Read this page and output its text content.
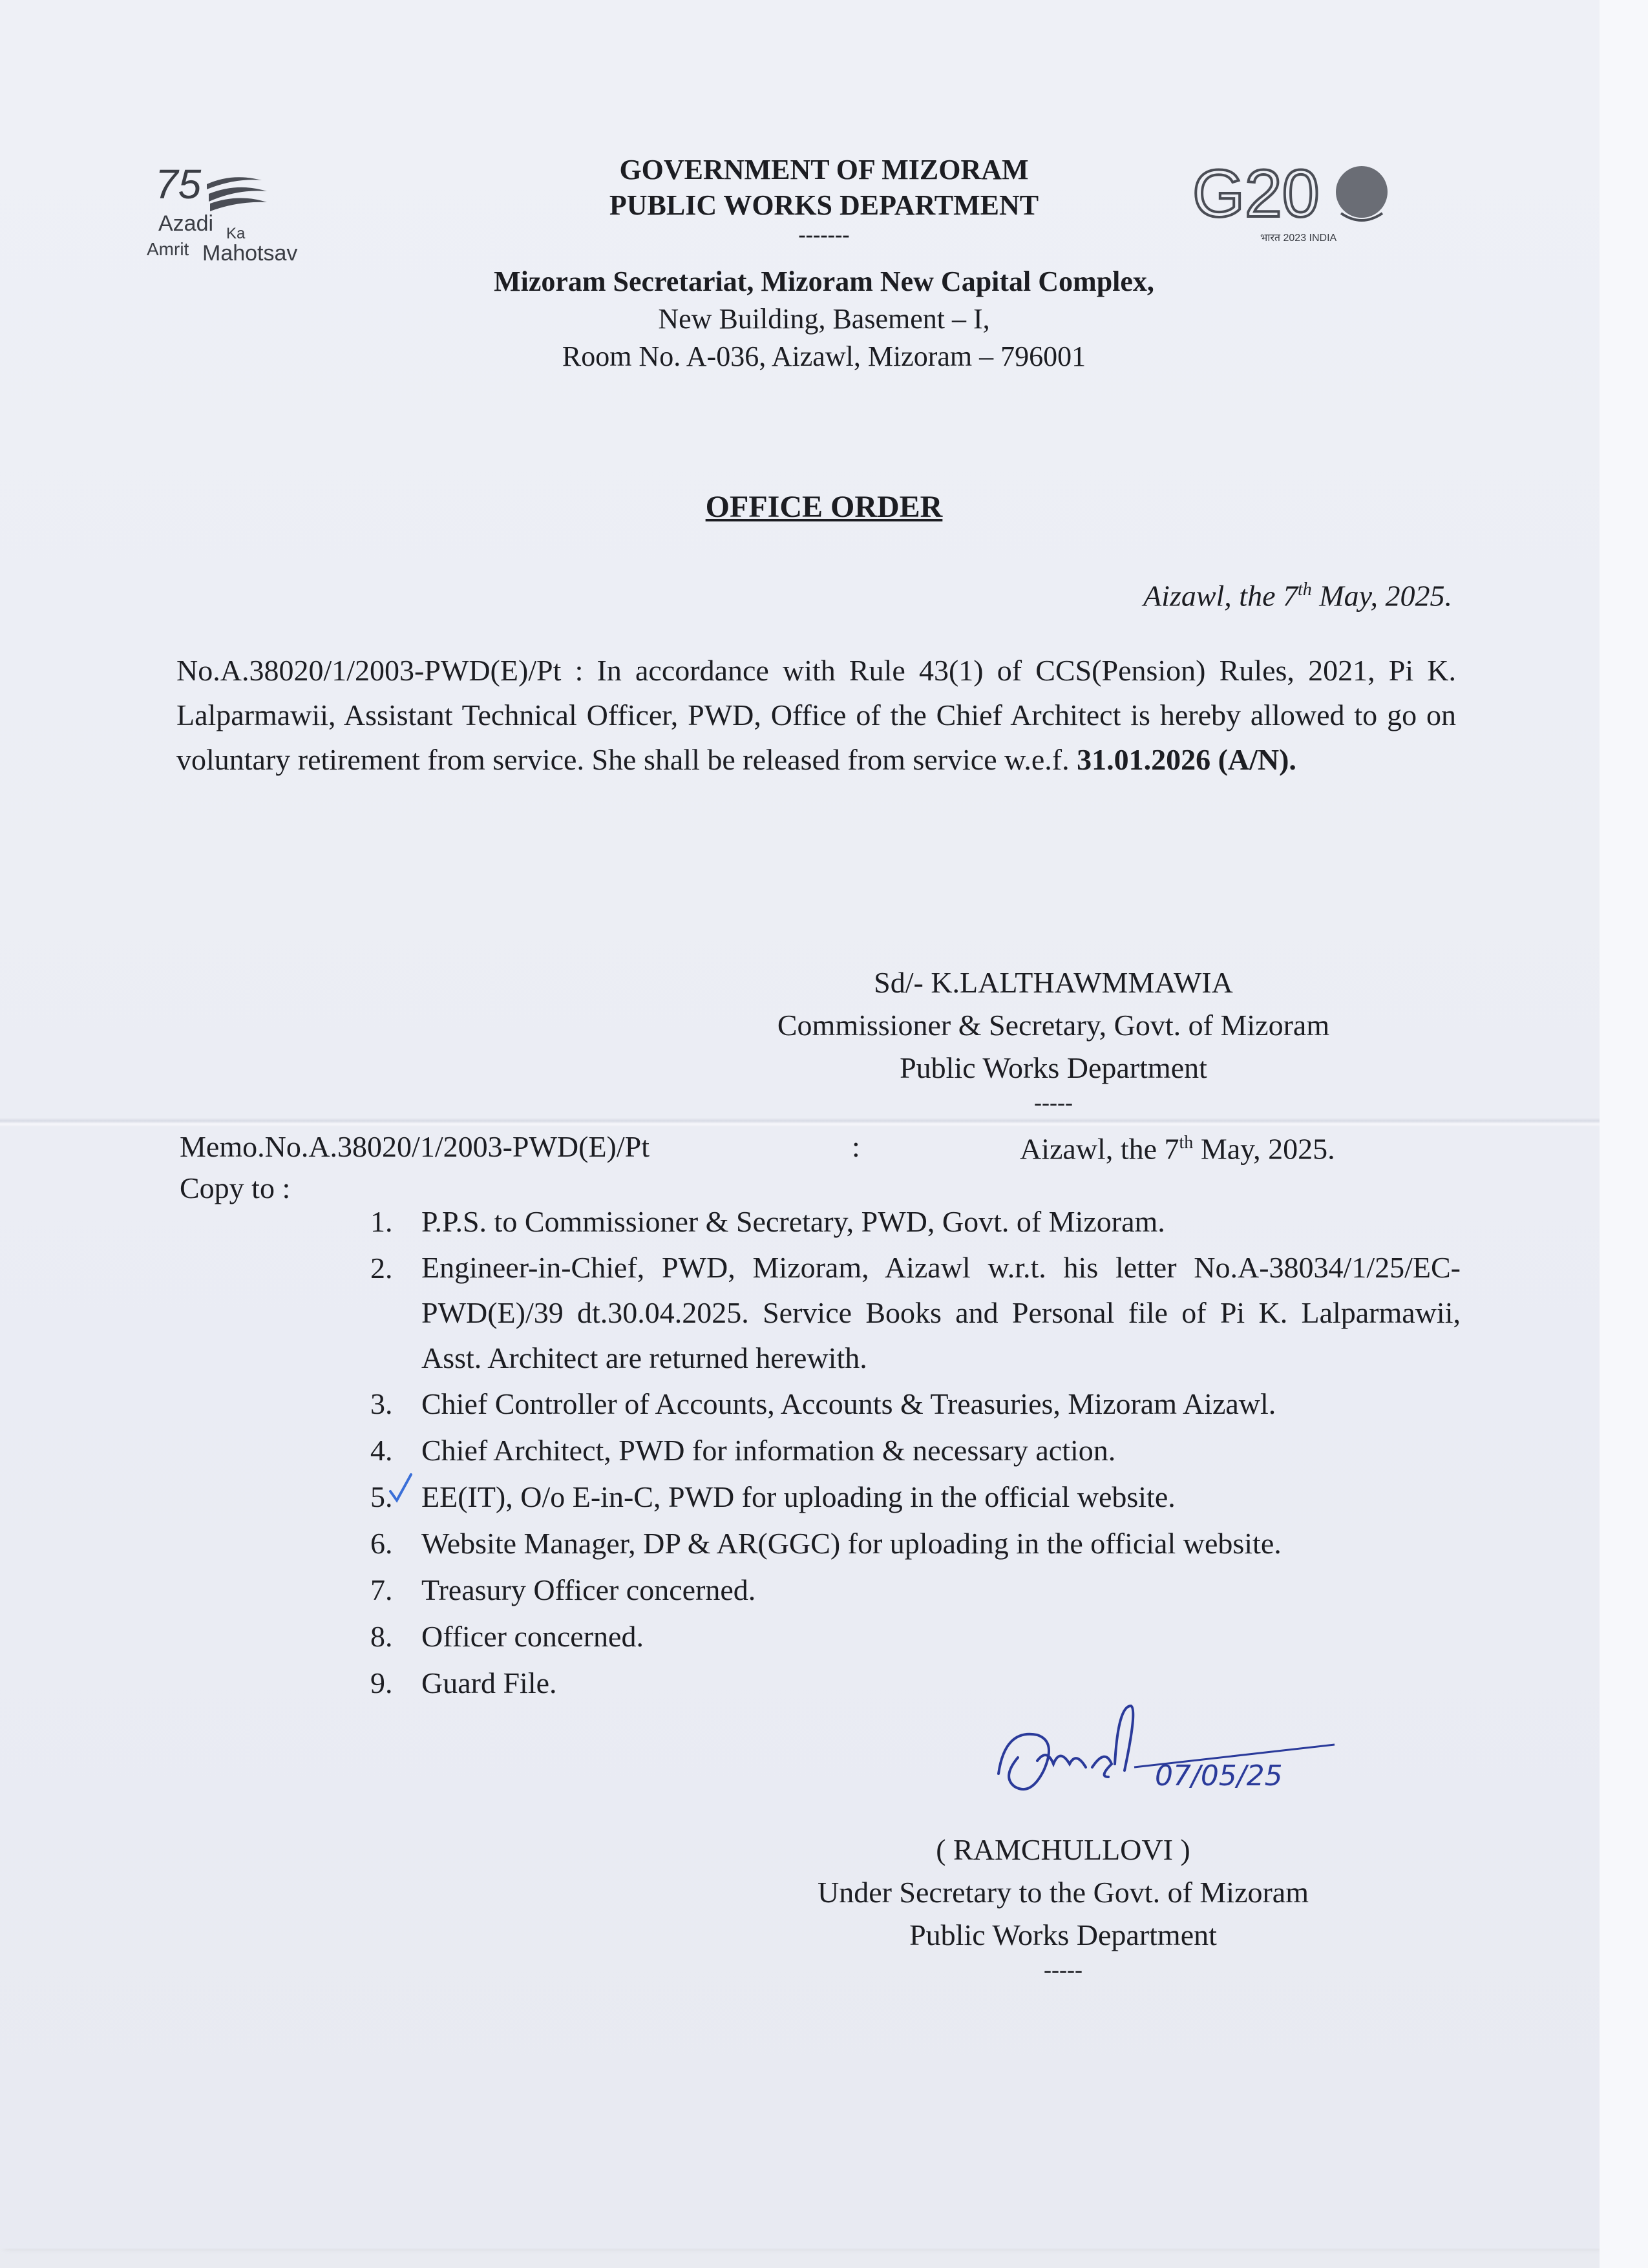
75
Azadi Ka
Amrit Mahotsav
G20
भारत 2023 INDIA
GOVERNMENT OF MIZORAM
PUBLIC WORKS DEPARTMENT
-------
Mizoram Secretariat, Mizoram New Capital Complex,
New Building, Basement – I,
Room No. A-036, Aizawl, Mizoram – 796001
OFFICE ORDER
Aizawl, the 7th May, 2025.
No.A.38020/1/2003-PWD(E)/Pt : In accordance with Rule 43(1) of CCS(Pension) Rules, 2021, Pi K. Lalparmawii, Assistant Technical Officer, PWD, Office of the Chief Architect is hereby allowed to go on voluntary retirement from service. She shall be released from service w.e.f. 31.01.2026 (A/N).
Sd/- K.LALTHAWMMAWIA
Commissioner & Secretary, Govt. of Mizoram
Public Works Department
-----
Memo.No.A.38020/1/2003-PWD(E)/Pt	:	Aizawl, the 7th May, 2025.
Copy to :
1. P.P.S. to Commissioner & Secretary, PWD, Govt. of Mizoram.
2. Engineer-in-Chief, PWD, Mizoram, Aizawl w.r.t. his letter No.A-38034/1/25/EC-PWD(E)/39 dt.30.04.2025. Service Books and Personal file of Pi K. Lalparmawii, Asst. Architect are returned herewith.
3. Chief Controller of Accounts, Accounts & Treasuries, Mizoram Aizawl.
4. Chief Architect, PWD for information & necessary action.
5. EE(IT), O/o E-in-C, PWD for uploading in the official website.
6. Website Manager, DP & AR(GGC) for uploading in the official website.
7. Treasury Officer concerned.
8. Officer concerned.
9. Guard File.
07/05/25
( RAMCHULLOVI )
Under Secretary to the Govt. of Mizoram
Public Works Department
-----
